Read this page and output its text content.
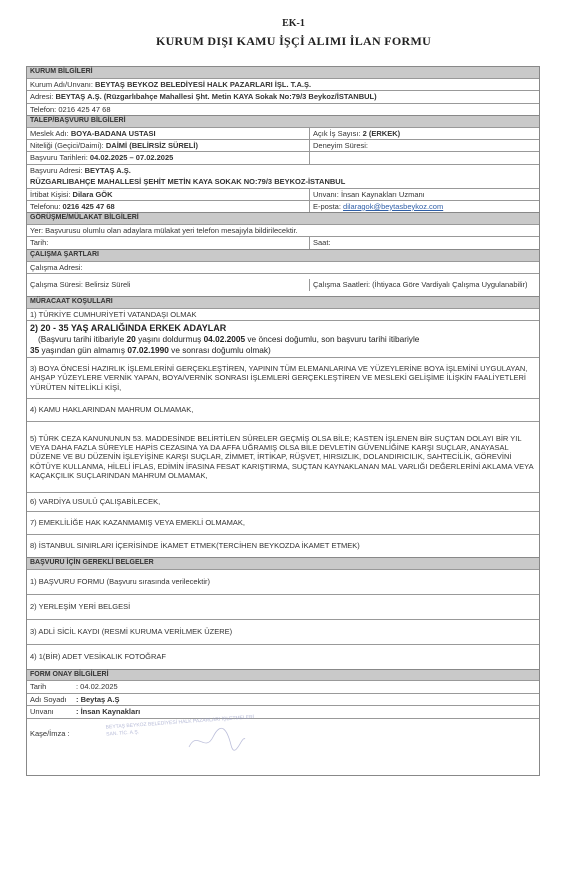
EK-1
KURUM DIŞI KAMU İŞÇİ ALIMI İLAN FORMU
KURUM BİLGİLERİ
Kurum Adı/Unvanı: BEYTAŞ BEYKOZ BELEDİYESİ HALK PAZARLARI İŞL. T.A.Ş.
Adresi: BEYTAŞ A.Ş. (Rüzgarlıbahçe Mahallesi Şht. Metin KAYA Sokak No:79/3 Beykoz/İSTANBUL)
Telefon: 0216 425 47 68
TALEP/BAŞVURU BİLGİLERİ
Meslek Adı: BOYA-BADANA USTASI	Açık İş Sayısı: 2 (ERKEK)
Niteliği (Geçici/Daimi): DAİMİ (BELİRSİZ SÜRELİ)	Deneyim Süresi:
Başvuru Tarihleri: 04.02.2025 – 07.02.2025
Başvuru Adresi: BEYTAŞ A.Ş.
RÜZGARLIBAHÇE MAHALLESİ ŞEHİT METİN KAYA SOKAK NO:79/3 BEYKOZ-İSTANBUL
İrtibat Kişisi: Dilara GÖK	Unvanı: İnsan Kaynakları Uzmanı
Telefonu: 0216 425 47 68	E-posta: dilaragok@beytasbeykoz.com
GÖRÜŞME/MÜLAKAT BİLGİLERİ
Yer: Başvurusu olumlu olan adaylara mülakat yeri telefon mesajıyla bildirilecektir.
Tarih:	Saat:
ÇALIŞMA ŞARTLARI
Çalışma Adresi:
Çalışma Süresi: Belirsiz Süreli	Çalışma Saatleri: (İhtiyaca Göre Vardiyalı Çalışma Uygulanabilir)
MÜRACAAT KOŞULLARI
1) TÜRKİYE CUMHURİYETİ VATANDAŞI OLMAK
2) 20 - 35 YAŞ ARALIĞINDA ERKEK ADAYLAR
(Başvuru tarihi itibariyle 20 yaşını doldurmuş 04.02.2005 ve öncesi doğumlu, son başvuru tarihi itibariyle
35 yaşından gün almamış 07.02.1990 ve sonrası doğumlu olmak)
3) BOYA ÖNCESİ HAZIRLIK İŞLEMLERİNİ GERÇEKLEŞTİREN, YAPININ TÜM ELEMANLARINA VE YÜZEYLERİNE BOYA İŞLEMİNİ UYGULAYAN, AHŞAP YÜZEYLERE VERNİK YAPAN, BOYA/VERNİK SONRASI İŞLEMLERİ GERÇEKLEŞTİREN VE MESLEKİ GELİŞİME İLİŞKİN FAALİYETLERİ YÜRÜTEN NİTELİKLİ KİŞİ,
4) KAMU HAKLARINDAN MAHRUM OLMAMAK,
5) TÜRK CEZA KANUNUNUN 53. MADDESİNDE BELİRTİLEN SÜRELER GEÇMİŞ OLSA BİLE; KASTEN İŞLENEN BİR SUÇTAN DOLAYI BİR YIL VEYA DAHA FAZLA SÜREYLE HAPİS CEZASINA YA DA AFFA UĞRAMIŞ OLSA BİLE DEVLETİN GÜVENLİĞİNE KARŞI SUÇLAR, ANAYASAL DÜZENE VE BU DÜZENİN İŞLEYİŞİNE KARŞI SUÇLAR, ZİMMET, İRTİKAP, RÜŞVET, HIRSIZLIK, DOLANDIRICILIK, SAHTECİLİK, GÖREVİNİ KÖTÜYE KULLANMA, HİLELİ İFLAS, EDİMİN İFASINA FESAT KARIŞTIRMA, SUÇTAN KAYNAKLANAN MAL VARLIĞI DEĞERLERİNİ AKLAMA VEYA KAÇAKÇILIK SUÇLARINDAN MAHRUM OLMAMAK,
6) VARDİYA USULÜ ÇALIŞABİLECEK,
7) EMEKLİLİĞE HAK KAZANMAMIŞ VEYA EMEKLİ OLMAMAK,
8) İSTANBUL SINIRLARI İÇERİSİNDE İKAMET ETMEK(TERCİHEN BEYKOZDA İKAMET ETMEK)
BAŞVURU İÇİN GEREKLİ BELGELER
1) BAŞVURU FORMU (Başvuru sırasında verilecektir)
2) YERLEŞİM YERİ BELGESİ
3) ADLİ SİCİL KAYDI (RESMİ KURUMA VERİLMEK ÜZERE)
4) 1(BİR) ADET VESİKALIK FOTOĞRAF
FORM ONAY BİLGİLERİ
Tarih	: 04.02.2025
Adı Soyadı	: Beytaş A.Ş
Unvanı	: İnsan Kaynakları
Kaşe/İmza :
BEYTAŞ BEYKOZ BELEDİYESİ HALK PAZARLARI İŞLETMELERİ SAN. TİC. A.Ş.
